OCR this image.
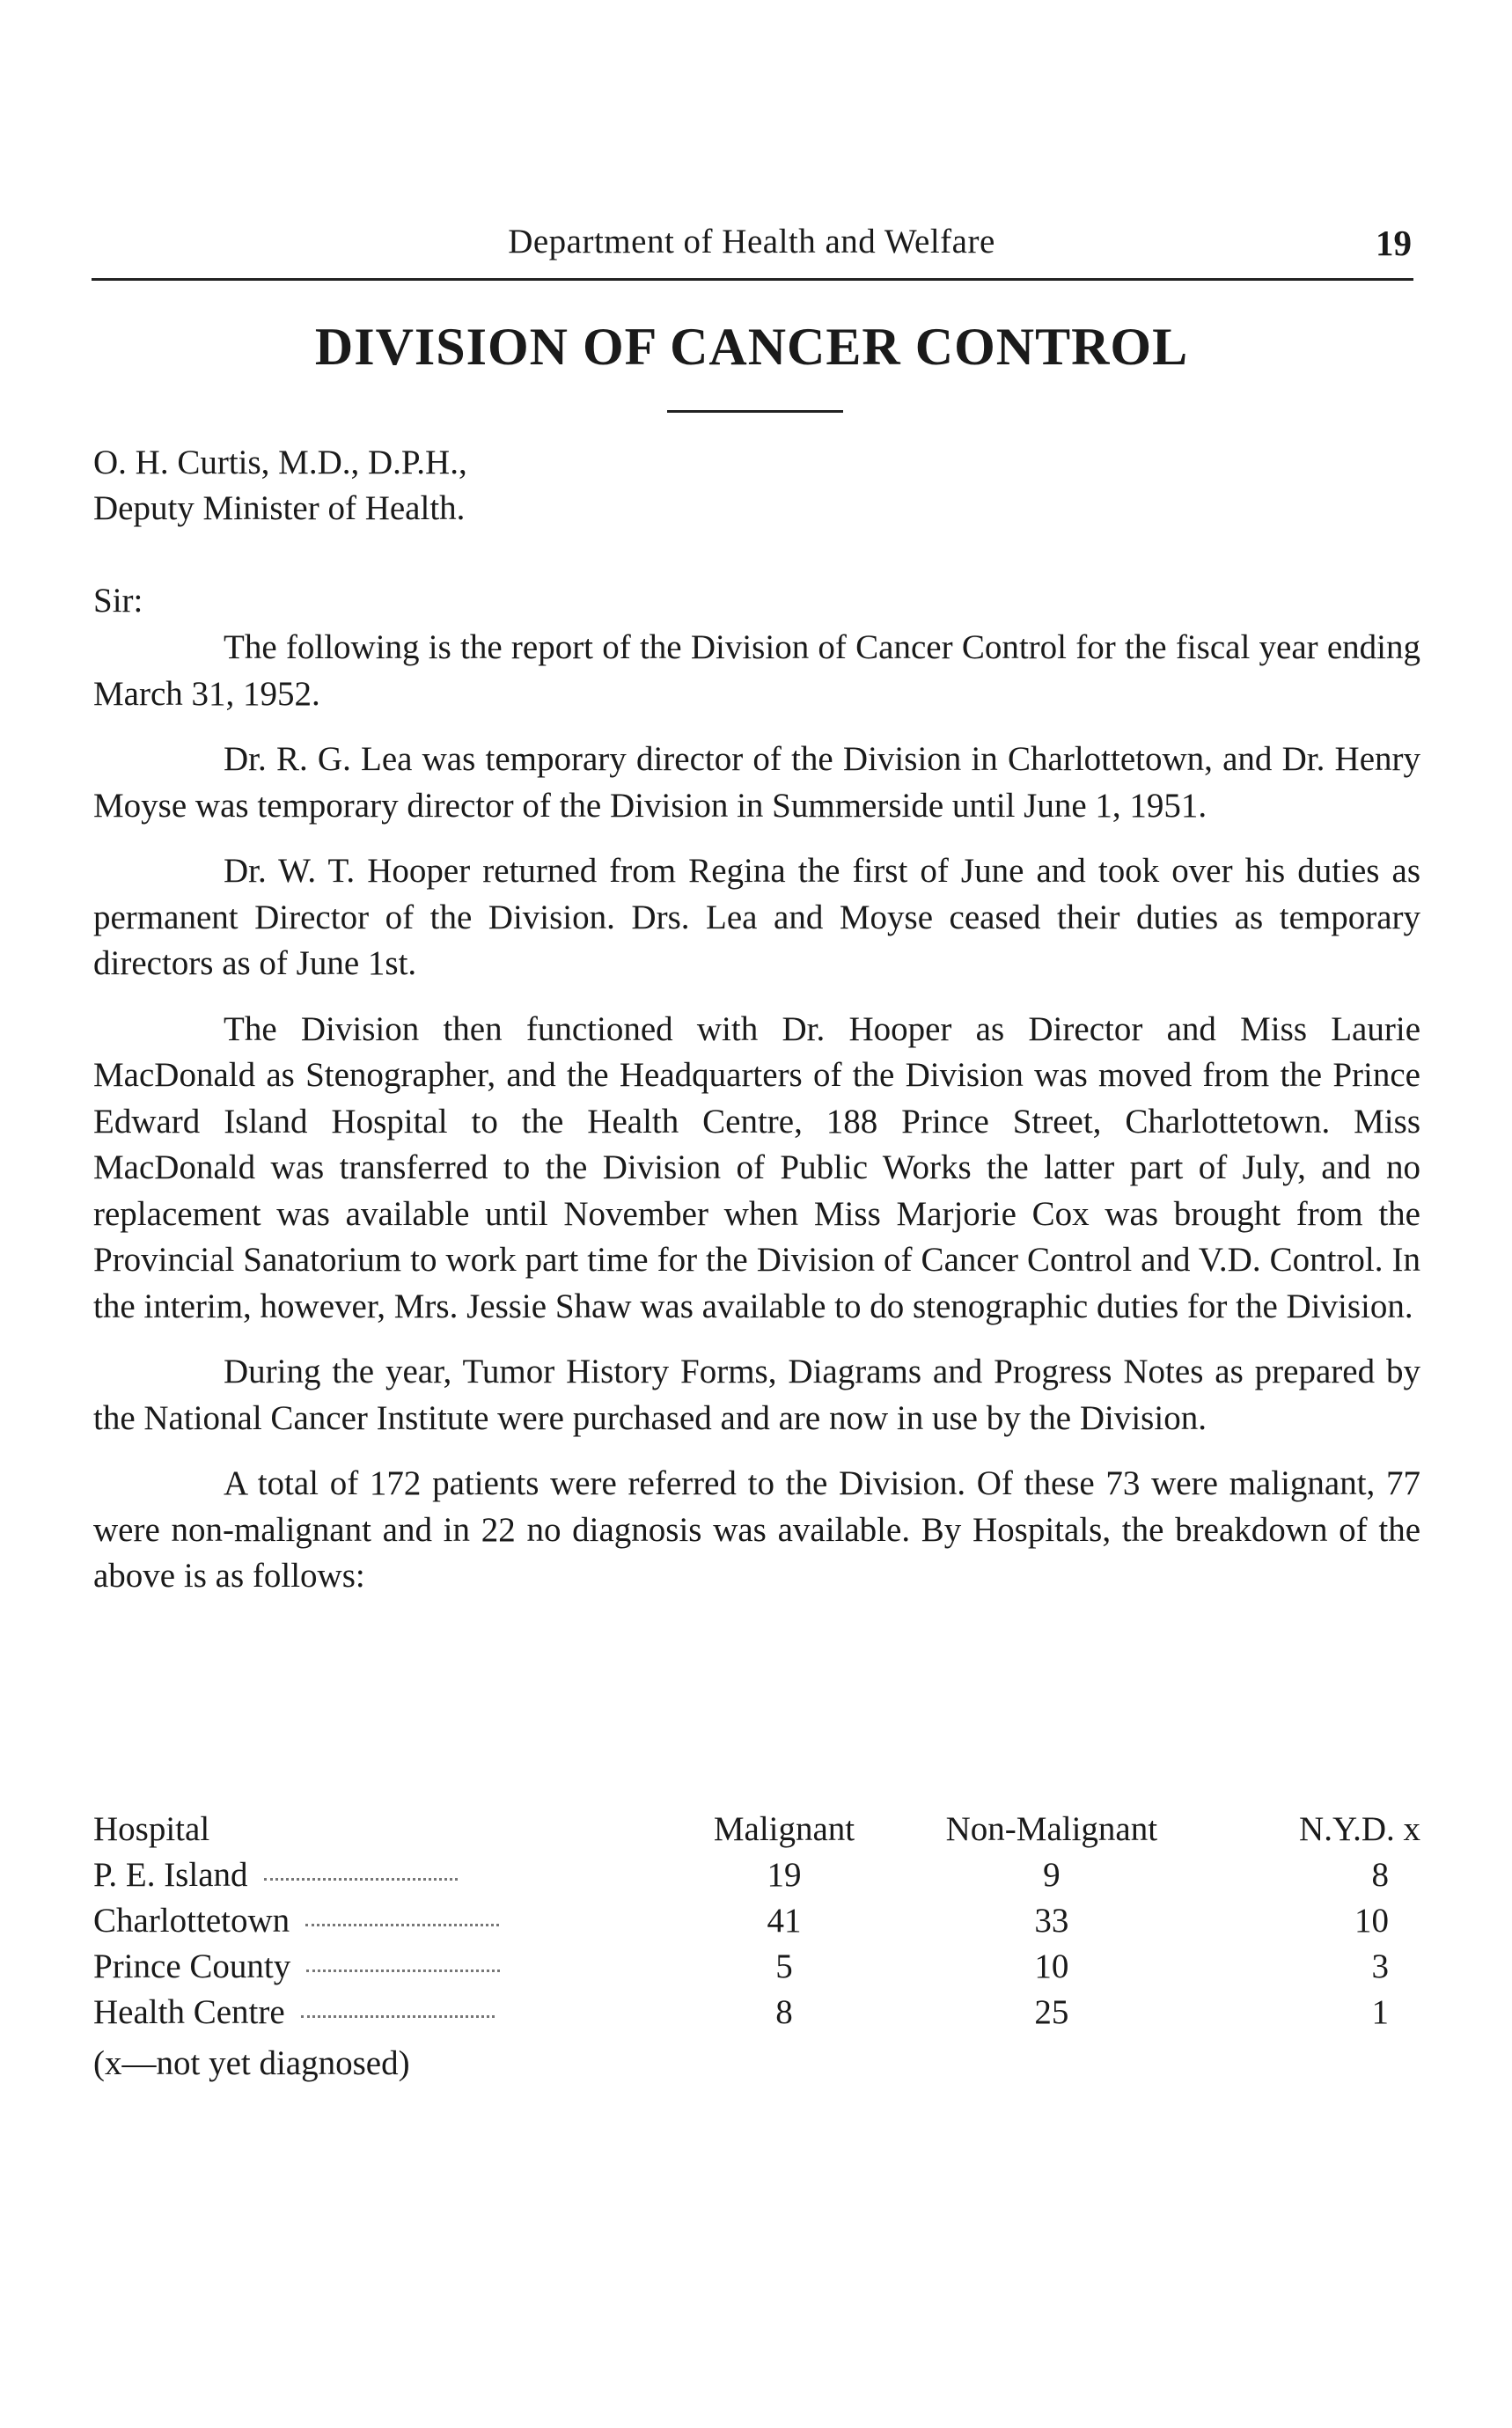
Department of Health and Welfare	19
DIVISION OF CANCER CONTROL
O. H. Curtis, M.D., D.P.H.,
Deputy Minister of Health.
Sir:

The following is the report of the Division of Cancer Control for the fiscal year ending March 31, 1952.

Dr. R. G. Lea was temporary director of the Division in Charlottetown, and Dr. Henry Moyse was temporary director of the Division in Summerside until June 1, 1951.

Dr. W. T. Hooper returned from Regina the first of June and took over his duties as permanent Director of the Division. Drs. Lea and Moyse ceased their duties as temporary directors as of June 1st.

The Division then functioned with Dr. Hooper as Director and Miss Laurie MacDonald as Stenographer, and the Headquarters of the Division was moved from the Prince Edward Island Hospital to the Health Centre, 188 Prince Street, Charlottetown. Miss MacDonald was transferred to the Division of Public Works the latter part of July, and no replacement was available until November when Miss Marjorie Cox was brought from the Provincial Sanatorium to work part time for the Division of Cancer Control and V.D. Control. In the interim, however, Mrs. Jessie Shaw was available to do stenographic duties for the Division.

During the year, Tumor History Forms, Diagrams and Progress Notes as prepared by the National Cancer Institute were purchased and are now in use by the Division.

A total of 172 patients were referred to the Division. Of these 73 were malignant, 77 were non-malignant and in 22 no diagnosis was available. By Hospitals, the breakdown of the above is as follows:

Hospital	Malignant	Non-Malignant	N.Y.D. x
P. E. Island	19	9	8
Charlottetown	41	33	10
Prince County	5	10	3
Health Centre	8	25	1
(x—not yet diagnosed)
